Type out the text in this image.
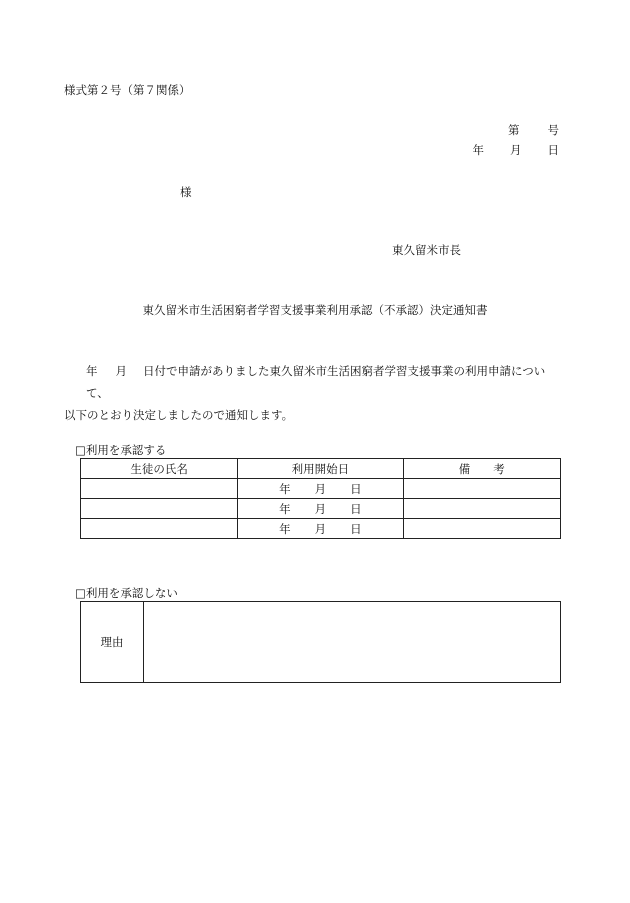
様式第２号（第７関係）
第 号
年 月 日
様
東久留米市長
東久留米市生活困窮者学習支援事業利用承認（不承認）決定通知書
年 月 日付で申請がありました東久留米市生活困窮者学習支援事業の利用申請について、
以下のとおり決定しましたので通知します。
□利用を承認する
生徒の氏名	利用開始日	備　　考
	年 月 日	
	年 月 日	
	年 月 日	
□利用を承認しない
理由	
